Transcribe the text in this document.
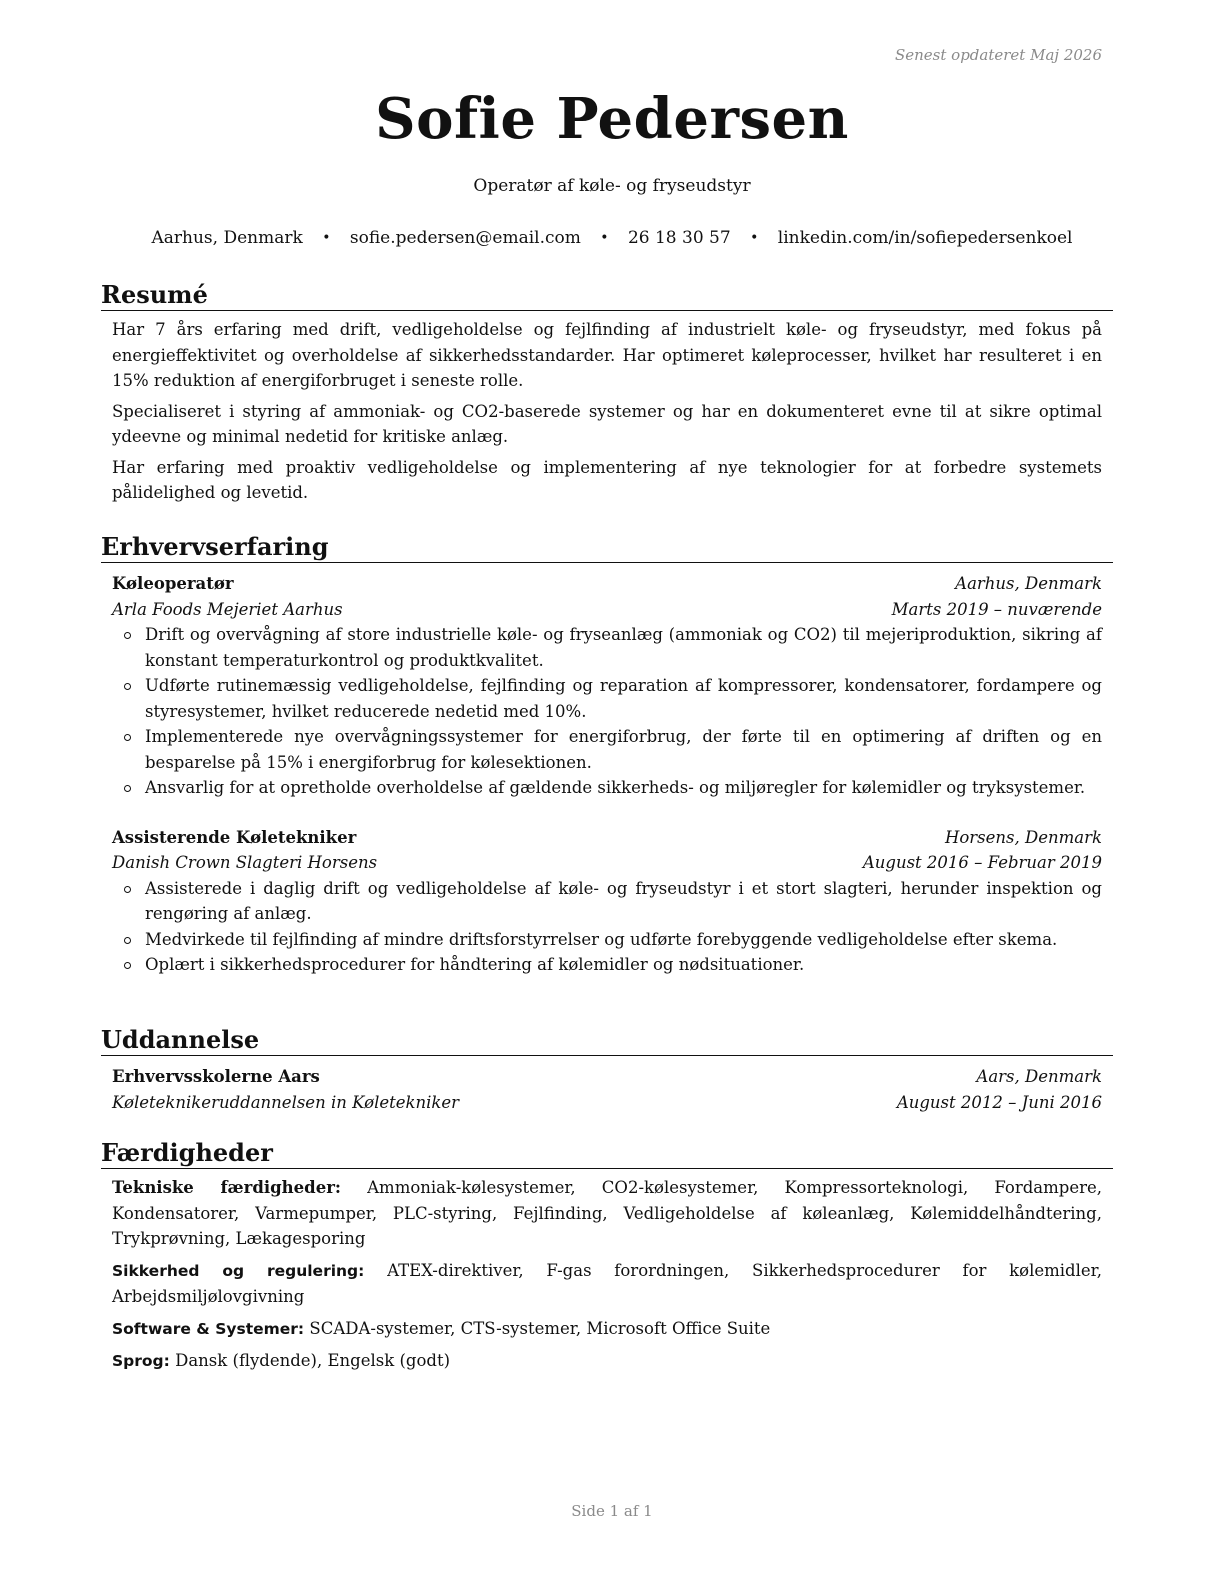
Senest opdateret Maj 2026
Sofie Pedersen
Operatør af køle- og fryseudstyr
Aarhus, Denmark • sofie.pedersen@email.com • 26 18 30 57 • linkedin.com/in/sofiepedersenkoel
Resumé

Har 7 års erfaring med drift, vedligeholdelse og fejlfinding af industrielt køle- og fryseudstyr, med fokus på energieffektivitet og overholdelse af sikkerhedsstandarder. Har optimeret køleprocesser, hvilket har resulteret i en 15% reduktion af energiforbruget i seneste rolle.

Specialiseret i styring af ammoniak- og CO2-baserede systemer og har en dokumenteret evne til at sikre optimal ydeevne og minimal nedetid for kritiske anlæg.

Har erfaring med proaktiv vedligeholdelse og implementering af nye teknologier for at forbedre systemets pålidelighed og levetid.

Erhvervserfaring
Køleoperatør	Aarhus, Denmark
Arla Foods Mejeriet Aarhus	Marts 2019 – nuværende
Drift og overvågning af store industrielle køle- og fryseanlæg (ammoniak og CO2) til mejeriproduktion, sikring af konstant temperaturkontrol og produktkvalitet.
Udførte rutinemæssig vedligeholdelse, fejlfinding og reparation af kompressorer, kondensatorer, fordampere og styresystemer, hvilket reducerede nedetid med 10%.
Implementerede nye overvågningssystemer for energiforbrug, der førte til en optimering af driften og en besparelse på 15% i energiforbrug for kølesektionen.
Ansvarlig for at opretholde overholdelse af gældende sikkerheds- og miljøregler for kølemidler og tryksystemer.
Assisterende Køletekniker	Horsens, Denmark
Danish Crown Slagteri Horsens	August 2016 – Februar 2019
Assisterede i daglig drift og vedligeholdelse af køle- og fryseudstyr i et stort slagteri, herunder inspektion og rengøring af anlæg.
Medvirkede til fejlfinding af mindre driftsforstyrrelser og udførte forebyggende vedligeholdelse efter skema.
Oplært i sikkerhedsprocedurer for håndtering af kølemidler og nødsituationer.
Uddannelse
Erhvervsskolerne Aars	Aars, Denmark
Køleteknikeruddannelsen in Køletekniker	August 2012 – Juni 2016
Færdigheder
Tekniske færdigheder: Ammoniak-kølesystemer, CO2-kølesystemer, Kompressorteknologi, Fordampere, Kondensatorer, Varmepumper, PLC-styring, Fejlfinding, Vedligeholdelse af køleanlæg, Kølemiddelhåndtering, Trykprøvning, Lækagesporing
Sikkerhed og regulering: ATEX-direktiver, F-gas forordningen, Sikkerhedsprocedurer for kølemidler, Arbejdsmiljølovgivning
Software & Systemer: SCADA-systemer, CTS-systemer, Microsoft Office Suite
Sprog: Dansk (flydende), Engelsk (godt)
Side 1 af 1
